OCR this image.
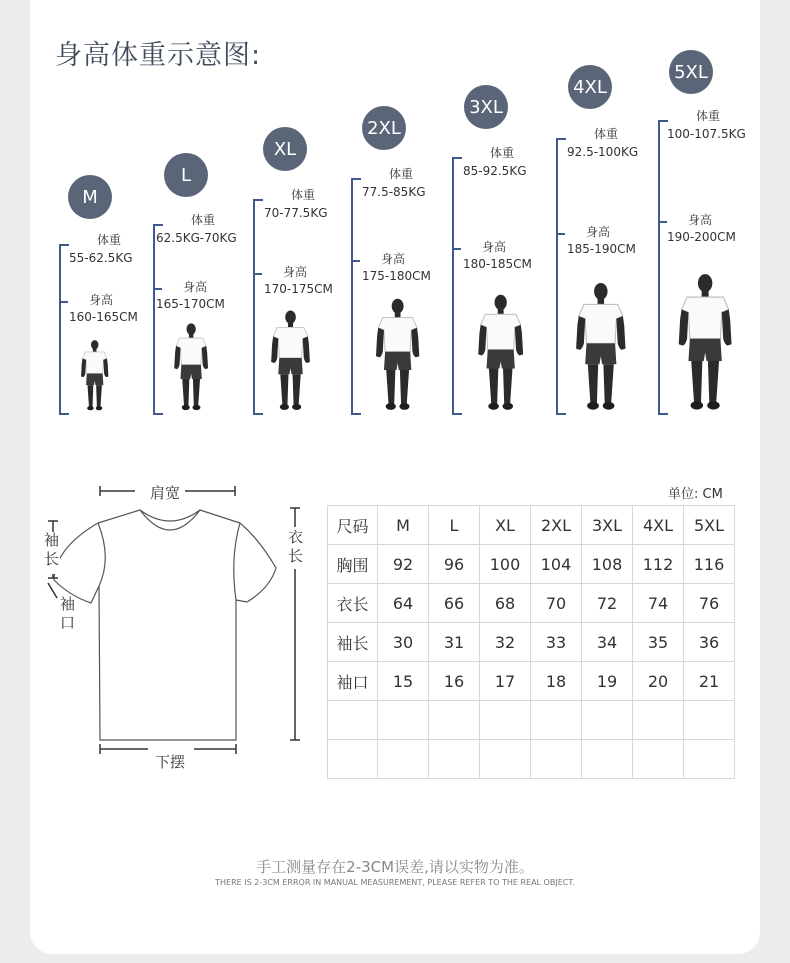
身高体重示意图:
M
体重
55-62.5KG
身高
160-165CM
L
体重
62.5KG-70KG
身高
165-170CM
XL
体重
70-77.5KG
身高
170-175CM
2XL
体重
77.5-85KG
身高
175-180CM
3XL
体重
85-92.5KG
身高
180-185CM
4XL
体重
92.5-100KG
身高
185-190CM
5XL
体重
100-107.5KG
身高
190-200CM
肩宽
袖长
袖口
衣长
下摆
单位: CM
尺码	M	L	XL	2XL	3XL	4XL	5XL
胸围	92	96	100	104	108	112	116
衣长	64	66	68	70	72	74	76
袖长	30	31	32	33	34	35	36
袖口	15	16	17	18	19	20	21

手工测量存在2-3CM误差,请以实物为准。
THERE IS 2-3CM ERROR IN MANUAL MEASUREMENT, PLEASE REFER TO THE REAL OBJECT.
